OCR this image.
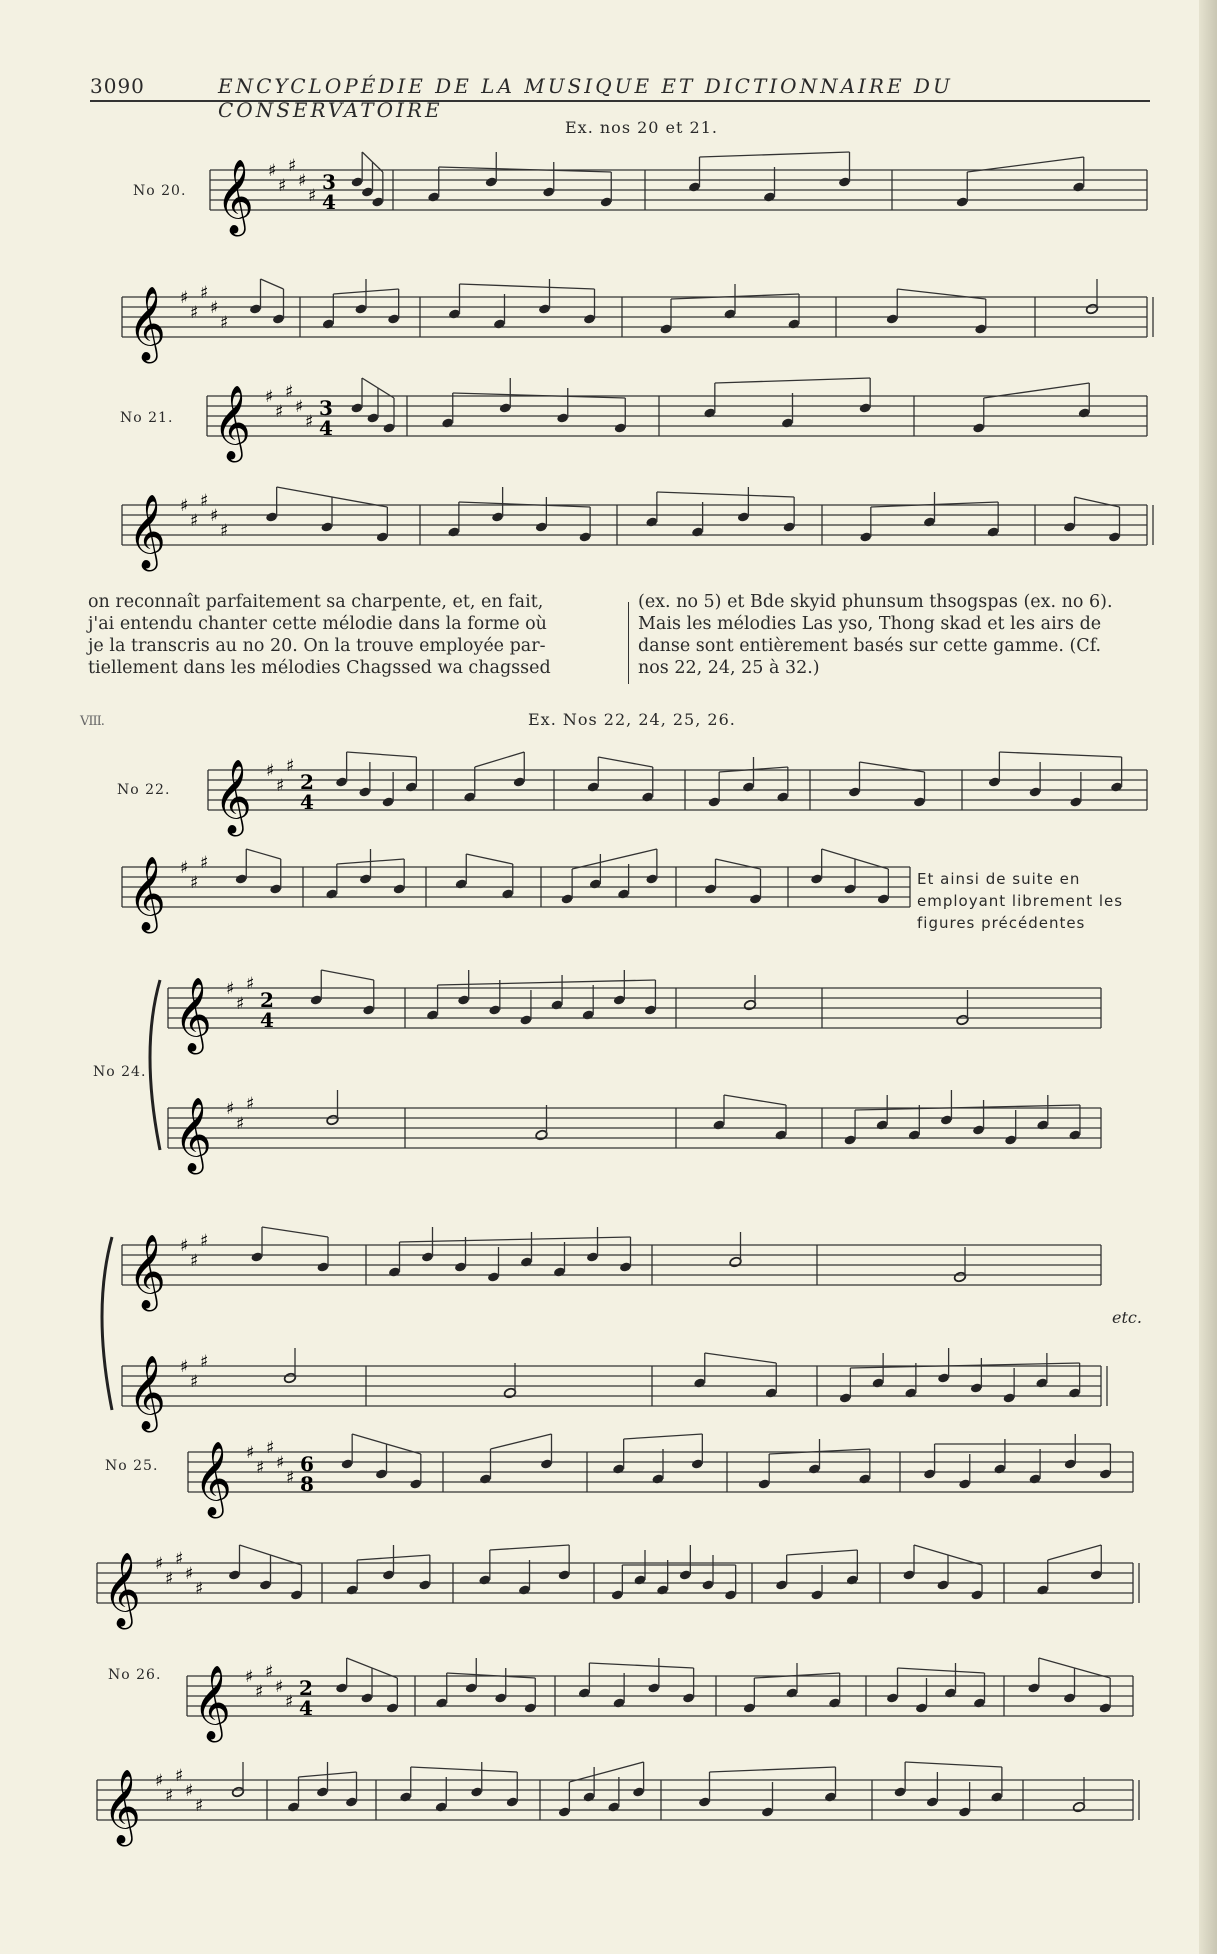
3090	ENCYCLOPÉDIE DE LA MUSIQUE ET DICTIONNAIRE DU CONSERVATOIRE
Ex. nos 20 et 21.
No 20.
No 21.
on reconnaît parfaitement sa charpente, et, en fait,
j'ai entendu chanter cette mélodie dans la forme où
je la transcris au no 20. On la trouve employée par-
tiellement dans les mélodies Chagssed wa chagssed
(ex. no 5) et Bde skyid phunsum thsogspas (ex. no 6).
Mais les mélodies Las yso, Thong skad et les airs de
danse sont entièrement basés sur cette gamme. (Cf.
nos 22, 24, 25 à 32.)
VIII.	Ex. Nos 22, 24, 25, 26.
No 22.
No 24.
No 25.
No 26.
Et ainsi de suite en
employant librement les
figures précédentes
etc.
𝄞 ♯
♯
♯
♯
♯
3
4
𝄞 ♯
♯
♯
♯
♯
𝄞 ♯
♯
♯
♯
♯
3
4
𝄞 ♯
♯
♯
♯
♯
𝄞 ♯
♯
♯
2
4
𝄞 ♯
♯
♯
𝄞 ♯
♯
♯
2
4
𝄞 ♯
♯
♯
𝄞 ♯
♯
♯
𝄞 ♯
♯
♯
𝄞 ♯
♯
♯
♯
♯
6
8
𝄞 ♯
♯
♯
♯
♯
𝄞 ♯
♯
♯
♯
♯
2
4
𝄞 ♯
♯
♯
♯
♯
